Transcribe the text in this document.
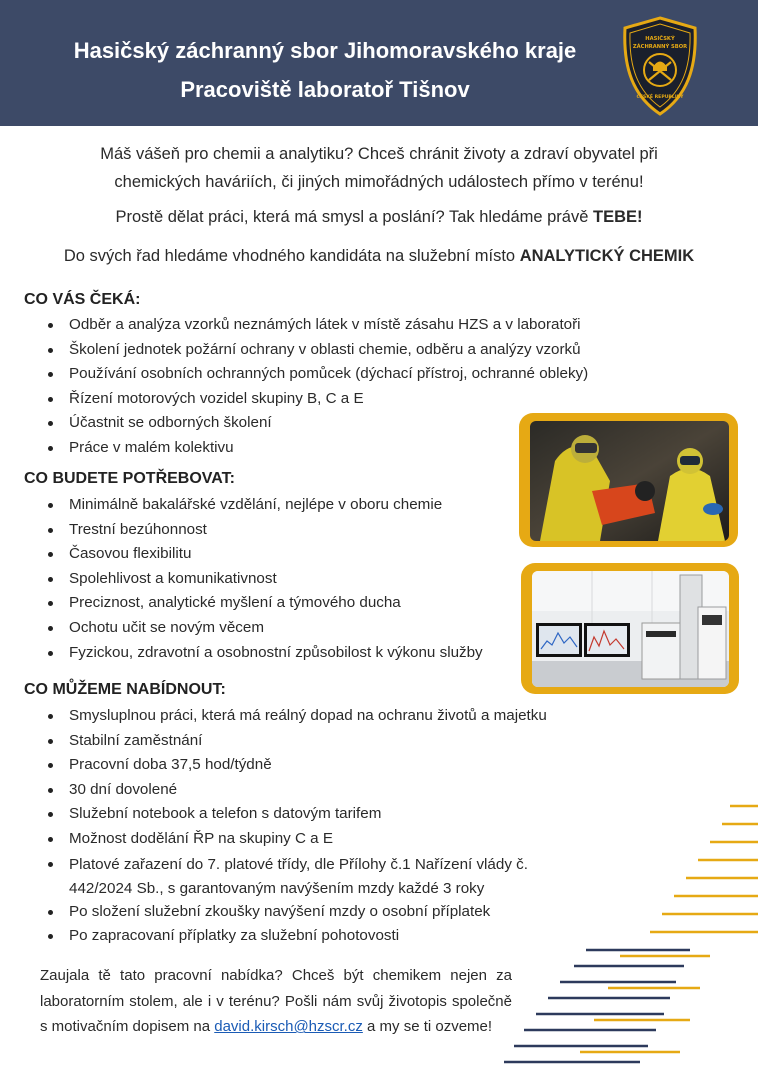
Hasičský záchranný sbor Jihomoravského kraje
Pracoviště laboratoř Tišnov
HASIČSKÝ
ZÁCHRANNÝ SBOR
ČESKÉ REPUBLIKY
Máš vášeň pro chemii a analytiku? Chceš chránit životy a zdraví obyvatel při
chemických haváriích, či jiných mimořádných událostech přímo v terénu!
Prostě dělat práci, která má smysl a poslání? Tak hledáme právě TEBE!
Do svých řad hledáme vhodného kandidáta na služební místo ANALYTICKÝ CHEMIK
CO VÁS ČEKÁ:
Odběr a analýza vzorků neznámých látek v místě zásahu HZS a v laboratoři
Školení jednotek požární ochrany v oblasti chemie, odběru a analýzy vzorků
Používání osobních ochranných pomůcek (dýchací přístroj, ochranné obleky)
Řízení motorových vozidel skupiny B, C a E
Účastnit se odborných školení
Práce v malém kolektivu
CO BUDETE POTŘEBOVAT:
Minimálně bakalářské vzdělání, nejlépe v oboru chemie
Trestní bezúhonnost
Časovou flexibilitu
Spolehlivost a komunikativnost
Preciznost, analytické myšlení a týmového ducha
Ochotu učit se novým věcem
Fyzickou, zdravotní a osobnostní způsobilost k výkonu služby
CO MŮŽEME NABÍDNOUT:
Smysluplnou práci, která má reálný dopad na ochranu životů a majetku
Stabilní zaměstnání
Pracovní doba 37,5 hod/týdně
30 dní dovolené
Služební notebook a telefon s datovým tarifem
Možnost dodělání ŘP na skupiny C a E
Platové zařazení do 7. platové třídy, dle Přílohy č.1 Nařízení vlády č. 442/2024 Sb., s garantovaným navýšením mzdy každé 3 roky
Po složení služební zkoušky navýšení mzdy o osobní příplatek
Po zapracovaní příplatky za služební pohotovosti
Zaujala tě tato pracovní nabídka? Chceš být chemikem nejen za laboratorním stolem, ale i v terénu? Pošli nám svůj životopis společně s motivačním dopisem na david.kirsch@hzscr.cz a my se ti ozveme!
